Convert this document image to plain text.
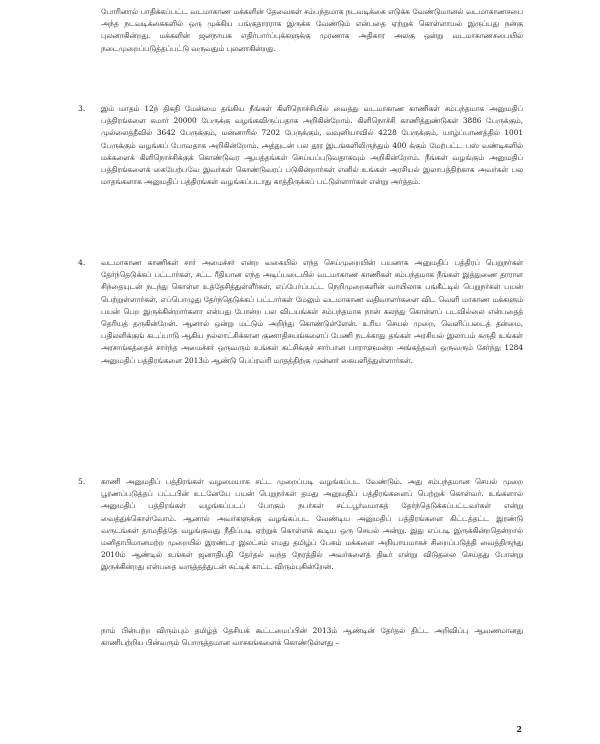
போரினால் பாதிக்கப்பட்ட வடமாகாண மக்களின் தேவைகள் சம்பந்தமாக நடவடிக்கை எடுக்க வேண்டுமானல் வடமாகாணசபை அந்த நடவடிக்கைகளில் ஒரு முக்கிய பங்குதாரராக இருக்க வேண்டும் என்பதை ஏற்றுக் கொள்ளாமல் இருப்பது நன்கு புலனாகின்றது. மக்களின் ஜனநாயக எதிர்பார்ப்புக்களுக்கு முரணாக அதிகார அலகு ஒன்று வடமாகாணசபையில் நடைமுறைப்படுத்தப்பட்டு வருவதும் புலனாகின்றது.
3. இம் மாதம் 12ந் திகதி மேன்மை தங்கிய நீங்கள் கிளிநொச்சியில் வைத்து வடமாகாண காணிகள் சம்பந்தமாக அனுமதிப் பத்திரங்களை சுமார் 20000 பேருக்கு வழங்கவிருப்பதாக அறிகின்றோம். கிளிநொச்சி காணித்துண்டுகள் 3886 பேருக்கும், முல்லைத்தீவில் 3642 பேருக்கும், மன்னாரில் 7202 பேருக்கும், வவுனியாவில் 4228 பேருக்கும், யாழ்ப்பாணத்தில் 1001 பேருக்கும் வழங்கப் போவதாக அறிகின்றோம். அத்துடன் பல தூர இடங்களிலிருந்தும் 400 க்கும் மேற்பட்ட பஸ் வண்டிகளில் மக்களைக் கிளிநொச்சிக்குக் கொண்டுவர ஆயத்தங்கள் செய்யப்படுவதாகவும் அறிகின்றோம். நீங்கள் வழங்கும் அனுமதிப் பத்திரங்களைக் கையேற்பவே இவர்கள் கொண்டுவரப் படுகின்றார்கள் எனில் உங்கள் அரசியல் இலாபத்திற்காக அவர்கள் பல மாதங்களாக அனுமதிப் பத்திரங்கள் வழங்கப்படாது காத்திருக்கப் பட்டுள்ளார்கள் என்று அர்த்தம்.
4. வடமாகாண காணிகள் சார் அமைச்சர் என்ற வகையில் எந்த செய்முறையின் பயனாக அனுமதிப் பத்திரப் பெறுநர்கள் தேர்ந்தெடுக்கப் பட்டார்கள், சட்ட ரீதியான எந்த அடிப்படையில் வடமாகாண காணிகள் சம்பந்தமாக நீங்கள் இத்துணை தாராள சிந்தையுடன் நடந்து கொள்ள உத்தேசித்துள்ளீர்கள், எப்பேர்ப்பட்ட நெறிமுறைகளின் வாயிலாக பங்கீட்டில் பெறுநர்கள் பயன் பெற்றுள்ளார்கள், எப்பொழுது தேர்ந்தெடுக்கப் பட்டார்கள் மேலும் வடமாகாண வதிவாளர்களை விட வெளி மாகாண மக்களும் பயன் பெற இருக்கின்றார்களா என்பது போன்ற பல விடயங்கள் சம்பந்தமாக நான் கலந்து கொள்ளப் படவில்லை என்பதைத் தெரியத் தருகின்றேன். ஆனால் ஒன்று மட்டும் அறிந்து கொண்டுள்ளேன். உரிய செயல் முறை, வெளிப்படைத் தன்மை, பதிலளிக்குங் கடப்பாடு ஆகிய நல்லாட்சிக்கான குணாதிசயங்களைப் பேணி நடக்காது தங்கள் அரசியல் இலாபம் கருதி உங்கள் அரசாங்கத்தைச் சார்ந்த அமைச்சர் ஒருவரும் உங்கள் கட்சிக்குச் சார்பான பாராளுமன்ற அங்கத்தவர் ஒருவரும் சேர்ந்து 1284 அனுமதிப் பத்திரங்களை 2013ம் ஆண்டு பெப்ரவரி மாதத்திற்கு முன்னர் கையளித்துள்ளார்கள்.
5. காணி அனுமதிப் பத்திரங்கள் வழமையாக சட்ட முறைப்படி வழங்கப்பட வேண்டும். அது சம்பந்தமான செயல் முறை பூரணப்படுத்தப் பட்டபின் உடனேயே பயன் பெறுநர்கள் தமது அனுமதிப் பத்திரங்களைப் பெற்றுக் கொள்வர். உங்களால் அனுமதிப் பத்திரங்கள் வழங்கப்படப் போகும் நபர்கள் சட்டபூர்வமாகத் தேர்ந்தெடுக்கப்பட்டவர்கள் என்று வைத்துக்கொள்வோம். ஆனால் அவர்களுக்கு வழங்கப்பட வேண்டிய அனுமதிப் பத்திரங்களை கிட்டத்தட்ட இரண்டு வருடங்கள் தாமதித்தே வழங்குவது நீதிப்படி ஏற்றுக் கொள்ளக் கூடிய ஒரு செயல் அன்று. இது எப்படி இருக்கின்றதென்றால் மனிதாபிமானமற்ற முறையில் இரண்டர இலட்சம் எமது தமிழ்ப் பேசும் மக்களை அநியாயமாகச் சிறைப்படுத்தி வைத்திருந்து 2010ம் ஆண்டில் உங்கள் ஜனாதிபதி தேர்தல் வந்த நேரத்தில் அவர்களைத் திடீர் என்று விடுதலை செய்தது போன்று இருக்கின்றது என்பதை வருத்தத்துடன் சுட்டிக் காட்ட விரும்புகின்றேன்.
நாம் பின்பற்ற விரும்பும் தமிழ்த் தேசியக் கூட்டமைப்பின் 2013ம் ஆண்டின் தேர்தல் திட்ட அறிவிப்பு ஆவணமானது காணிபற்றிய பின்வரும் பொருத்தமான வாசகங்களைக் கொண்டுள்ளது –
2
